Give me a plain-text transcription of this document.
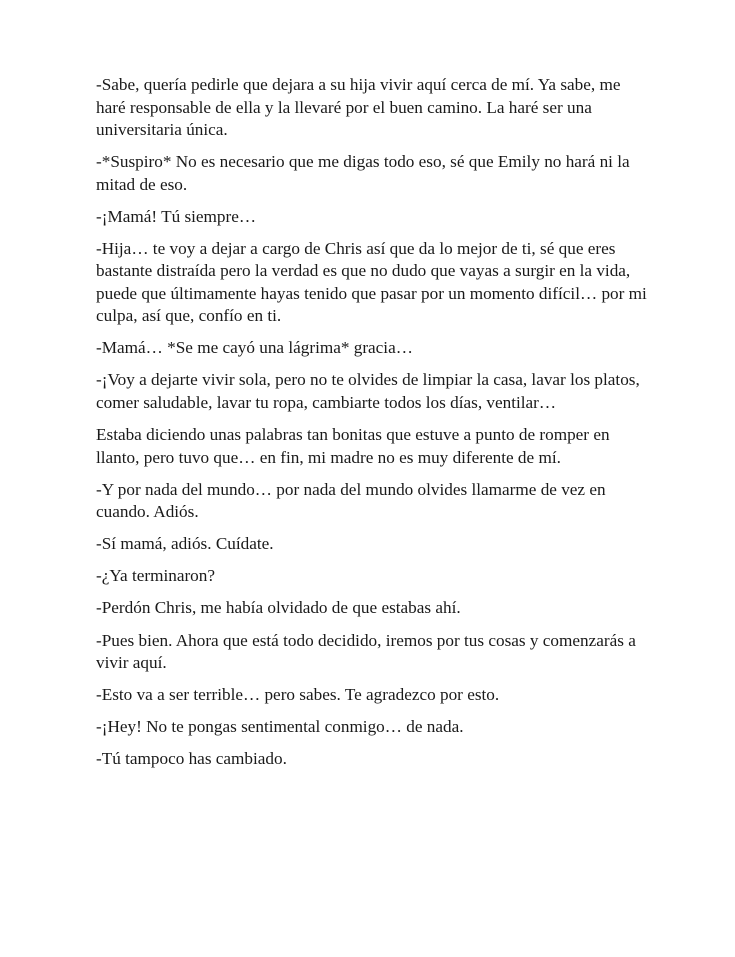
-Sabe, quería pedirle que dejara a su hija vivir aquí cerca de mí. Ya sabe, me haré responsable de ella y la llevaré por el buen camino. La haré ser una universitaria única.

-*Suspiro* No es necesario que me digas todo eso, sé que Emily no hará ni la mitad de eso.

-¡Mamá! Tú siempre…

-Hija… te voy a dejar a cargo de Chris así que da lo mejor de ti, sé que eres bastante distraída pero la verdad es que no dudo que vayas a surgir en la vida, puede que últimamente hayas tenido que pasar por un momento difícil… por mi culpa, así que, confío en ti.

-Mamá… *Se me cayó una lágrima* gracia…

-¡Voy a dejarte vivir sola, pero no te olvides de limpiar la casa, lavar los platos, comer saludable, lavar tu ropa, cambiarte todos los días, ventilar…

Estaba diciendo unas palabras tan bonitas que estuve a punto de romper en llanto, pero tuvo que… en fin, mi madre no es muy diferente de mí.

-Y por nada del mundo… por nada del mundo olvides llamarme de vez en cuando. Adiós.

-Sí mamá, adiós. Cuídate.

-¿Ya terminaron?

-Perdón Chris, me había olvidado de que estabas ahí.

-Pues bien. Ahora que está todo decidido, iremos por tus cosas y comenzarás a vivir aquí.

-Esto va a ser terrible… pero sabes. Te agradezco por esto.

-¡Hey! No te pongas sentimental conmigo… de nada.

-Tú tampoco has cambiado.
